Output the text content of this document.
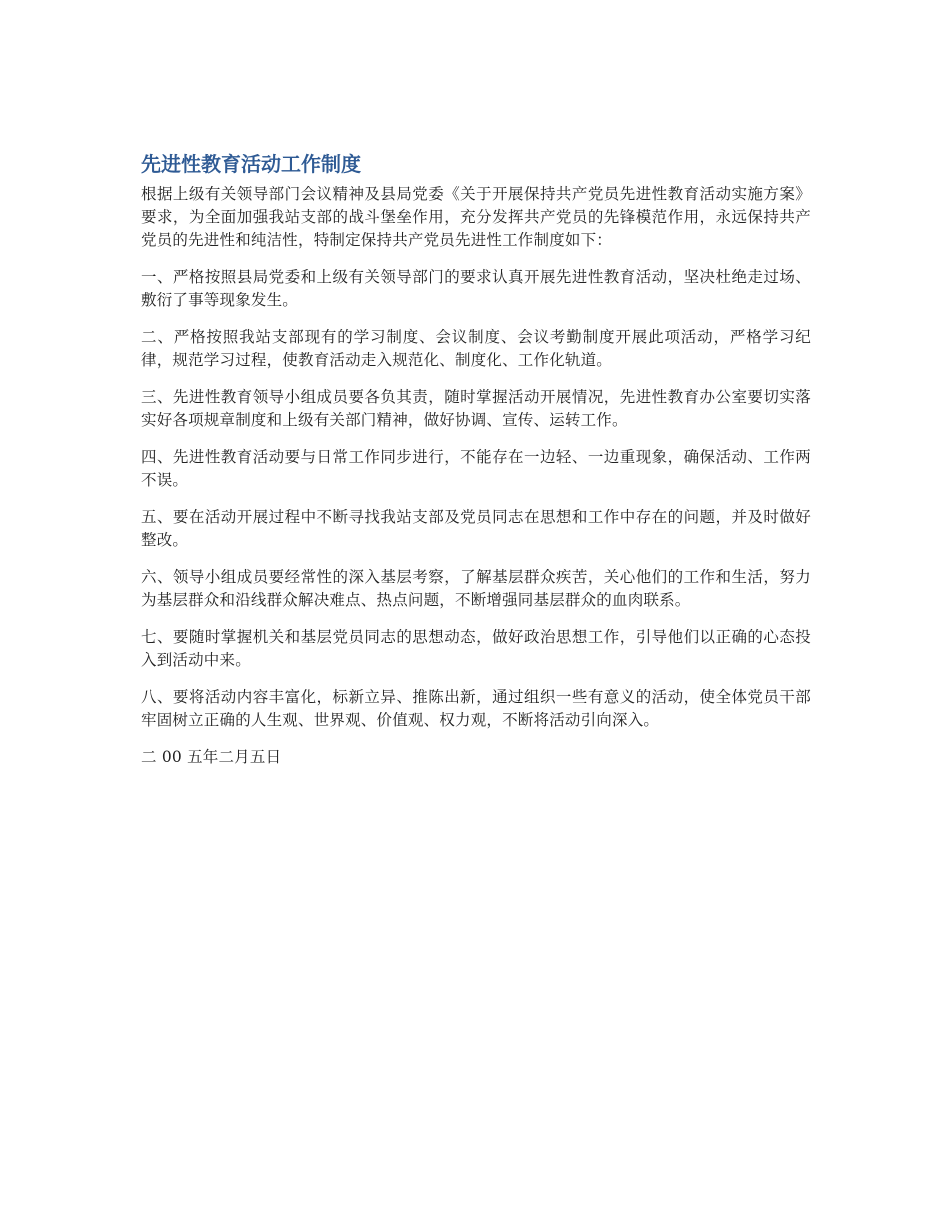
先进性教育活动工作制度

根据上级有关领导部门会议精神及县局党委《关于开展保持共产党员先进性教育活动实施方案》要求，为全面加强我站支部的战斗堡垒作用，充分发挥共产党员的先锋模范作用，永远保持共产党员的先进性和纯洁性，特制定保持共产党员先进性工作制度如下：

一、严格按照县局党委和上级有关领导部门的要求认真开展先进性教育活动，坚决杜绝走过场、敷衍了事等现象发生。

二、严格按照我站支部现有的学习制度、会议制度、会议考勤制度开展此项活动，严格学习纪律，规范学习过程，使教育活动走入规范化、制度化、工作化轨道。

三、先进性教育领导小组成员要各负其责，随时掌握活动开展情况，先进性教育办公室要切实落实好各项规章制度和上级有关部门精神，做好协调、宣传、运转工作。

四、先进性教育活动要与日常工作同步进行，不能存在一边轻、一边重现象，确保活动、工作两不误。

五、要在活动开展过程中不断寻找我站支部及党员同志在思想和工作中存在的问题，并及时做好整改。

六、领导小组成员要经常性的深入基层考察，了解基层群众疾苦，关心他们的工作和生活，努力为基层群众和沿线群众解决难点、热点问题，不断增强同基层群众的血肉联系。

七、要随时掌握机关和基层党员同志的思想动态，做好政治思想工作，引导他们以正确的心态投入到活动中来。

八、要将活动内容丰富化，标新立异、推陈出新，通过组织一些有意义的活动，使全体党员干部牢固树立正确的人生观、世界观、价值观、权力观，不断将活动引向深入。

二 00 五年二月五日
